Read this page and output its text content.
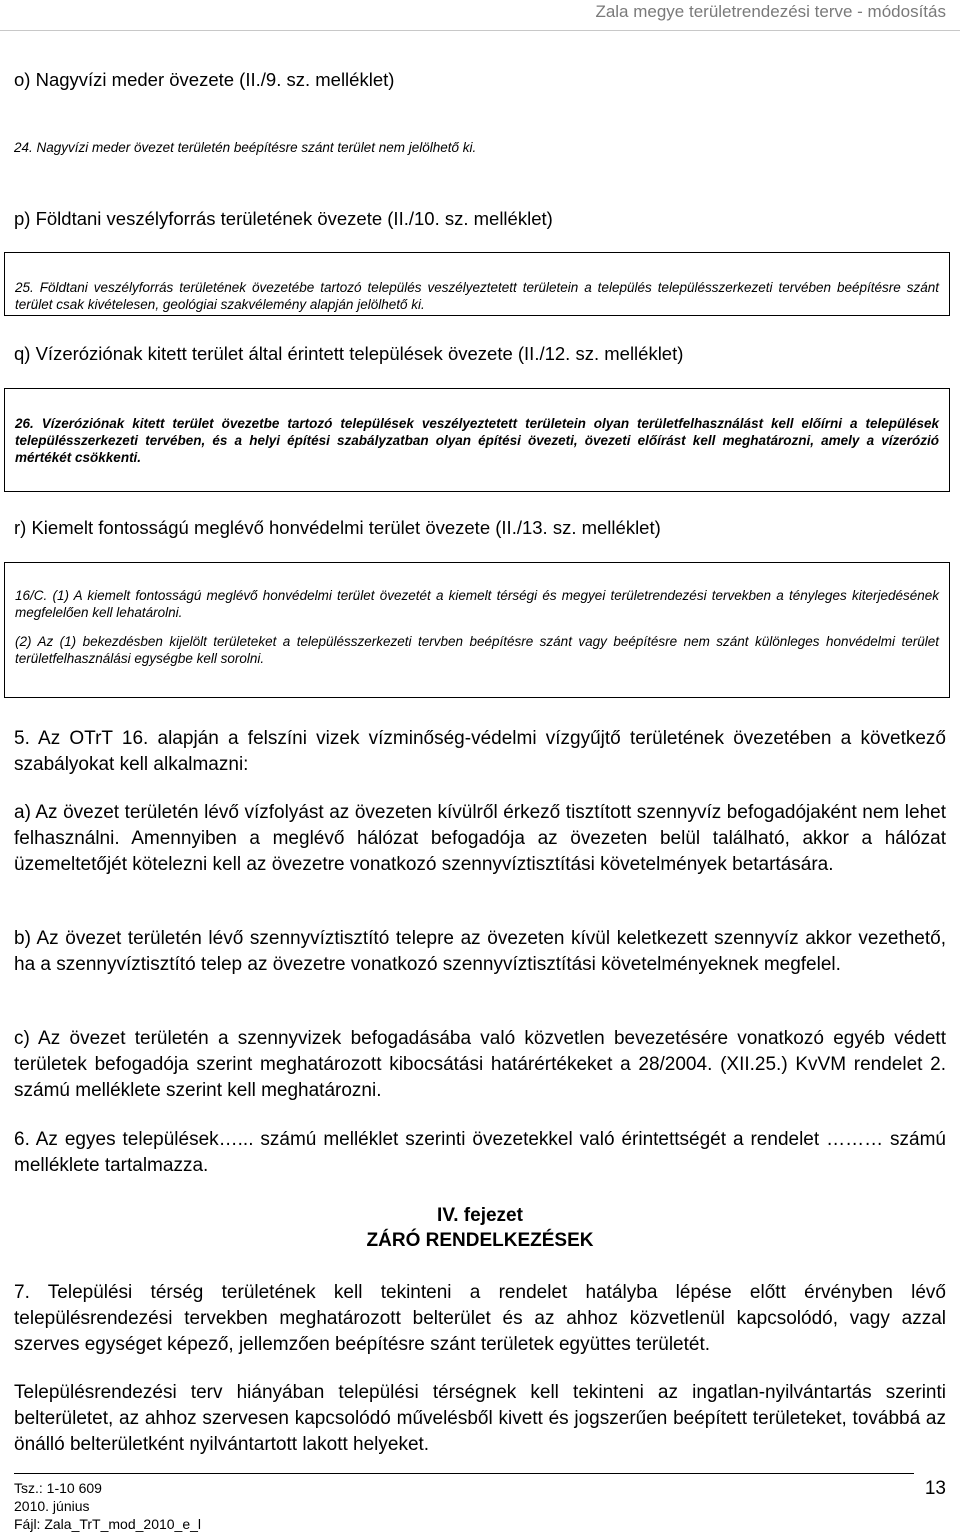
Zala megye területrendezési terve - módosítás
o) Nagyvízi meder övezete (II./9. sz. melléklet)
24. Nagyvízi meder övezet területén beépítésre szánt terület nem jelölhető ki.
p) Földtani veszélyforrás területének övezete (II./10. sz. melléklet)
25. Földtani veszélyforrás területének övezetébe tartozó település veszélyeztetett területein a település településszerkezeti tervében beépítésre szánt terület csak kivételesen, geológiai szakvélemény alapján jelölhető ki.
q) Vízeróziónak kitett terület által érintett települések övezete (II./12. sz. melléklet)
26. Vízeróziónak kitett terület övezetbe tartozó települések veszélyeztetett területein olyan területfelhasználást kell előírni a települések településszerkezeti tervében, és a helyi építési szabályzatban olyan építési övezeti, övezeti előírást kell meghatározni, amely a vízerózió mértékét csökkenti.
r) Kiemelt fontosságú meglévő honvédelmi terület övezete (II./13. sz. melléklet)
16/C. (1) A kiemelt fontosságú meglévő honvédelmi terület övezetét a kiemelt térségi és megyei területrendezési tervekben a tényleges kiterjedésének megfelelően kell lehatárolni.
(2) Az (1) bekezdésben kijelölt területeket a településszerkezeti tervben beépítésre szánt vagy beépítésre nem szánt különleges honvédelmi terület területfelhasználási egységbe kell sorolni.
5. Az OTrT 16. alapján a felszíni vizek vízminőség-védelmi vízgyűjtő területének övezetében a következő szabályokat kell alkalmazni:
a) Az övezet területén lévő vízfolyást az övezeten kívülről érkező tisztított szennyvíz befogadójaként nem lehet felhasználni. Amennyiben a meglévő hálózat befogadója az övezeten belül található, akkor a hálózat üzemeltetőjét kötelezni kell az övezetre vonatkozó szennyvíztisztítási követelmények betartására.
b) Az övezet területén lévő szennyvíztisztító telepre az övezeten kívül keletkezett szennyvíz akkor vezethető, ha a szennyvíztisztító telep az övezetre vonatkozó szennyvíztisztítási követelményeknek megfelel.
c) Az övezet területén a szennyvizek befogadásába való közvetlen bevezetésére vonatkozó egyéb védett területek befogadója szerint meghatározott kibocsátási határértékeket a 28/2004. (XII.25.) KvVM rendelet 2. számú melléklete szerint kell meghatározni.
6. Az egyes települések…... számú melléklet szerinti övezetekkel való érintettségét a rendelet ……… számú melléklete tartalmazza.
IV. fejezet
ZÁRÓ RENDELKEZÉSEK
7. Települési térség területének kell tekinteni a rendelet hatályba lépése előtt érvényben lévő településrendezési tervekben meghatározott belterület és az ahhoz közvetlenül kapcsolódó, vagy azzal szerves egységet képező, jellemzően beépítésre szánt területek együttes területét.
Településrendezési terv hiányában települési térségnek kell tekinteni az ingatlan-nyilvántartás szerinti belterületet, az ahhoz szervesen kapcsolódó művelésből kivett és jogszerűen beépített területeket, továbbá az önálló belterületként nyilvántartott lakott helyeket.
Tsz.: 1-10 609
2010. június
Fájl: Zala_TrT_mod_2010_e_l
13
